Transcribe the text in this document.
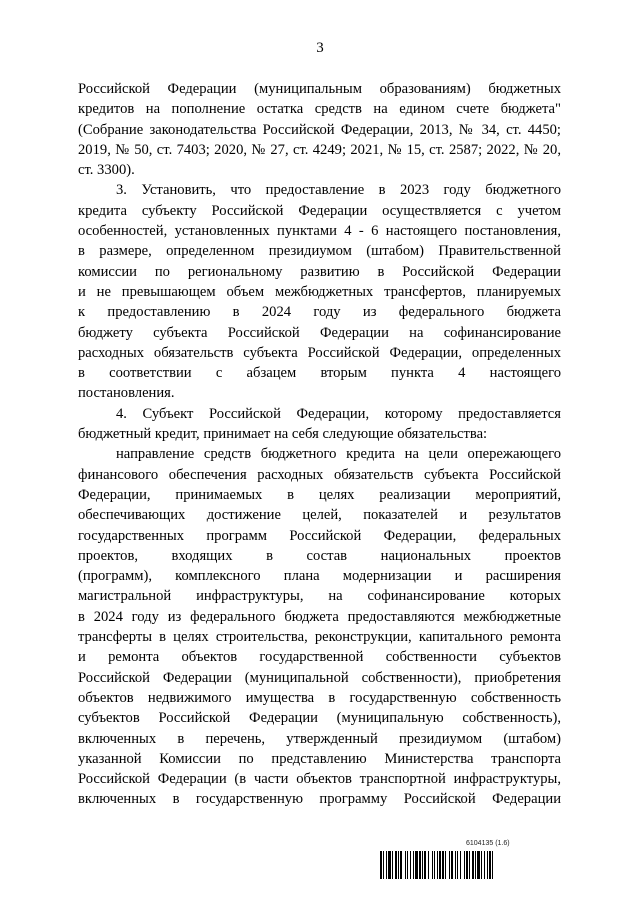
3
Российской Федерации (муниципальным образованиям) бюджетных
кредитов на пополнение остатка средств на едином счете бюджета"
(Собрание законодательства Российской Федерации, 2013, № 34, ст. 4450;
2019, № 50, ст. 7403; 2020, № 27, ст. 4249; 2021, № 15, ст. 2587; 2022, № 20,
ст. 3300).
3. Установить, что предоставление в 2023 году бюджетного
кредита субъекту Российской Федерации осуществляется с учетом
особенностей, установленных пунктами 4 - 6 настоящего постановления,
в размере, определенном президиумом (штабом) Правительственной
комиссии по региональному развитию в Российской Федерации
и не превышающем объем межбюджетных трансфертов, планируемых
к предоставлению в 2024 году из федерального бюджета
бюджету субъекта Российской Федерации на софинансирование
расходных обязательств субъекта Российской Федерации, определенных
в соответствии с абзацем вторым пункта 4 настоящего
постановления.
4. Субъект Российской Федерации, которому предоставляется
бюджетный кредит, принимает на себя следующие обязательства:
направление средств бюджетного кредита на цели опережающего
финансового обеспечения расходных обязательств субъекта Российской
Федерации, принимаемых в целях реализации мероприятий,
обеспечивающих достижение целей, показателей и результатов
государственных программ Российской Федерации, федеральных
проектов, входящих в состав национальных проектов
(программ), комплексного плана модернизации и расширения
магистральной инфраструктуры, на софинансирование которых
в 2024 году из федерального бюджета предоставляются межбюджетные
трансферты в целях строительства, реконструкции, капитального ремонта
и ремонта объектов государственной собственности субъектов
Российской Федерации (муниципальной собственности), приобретения
объектов недвижимого имущества в государственную собственность
субъектов Российской Федерации (муниципальную собственность),
включенных в перечень, утвержденный президиумом (штабом)
указанной Комиссии по представлению Министерства транспорта
Российской Федерации (в части объектов транспортной инфраструктуры,
включенных в государственную программу Российской Федерации
6104135 (1.6)
